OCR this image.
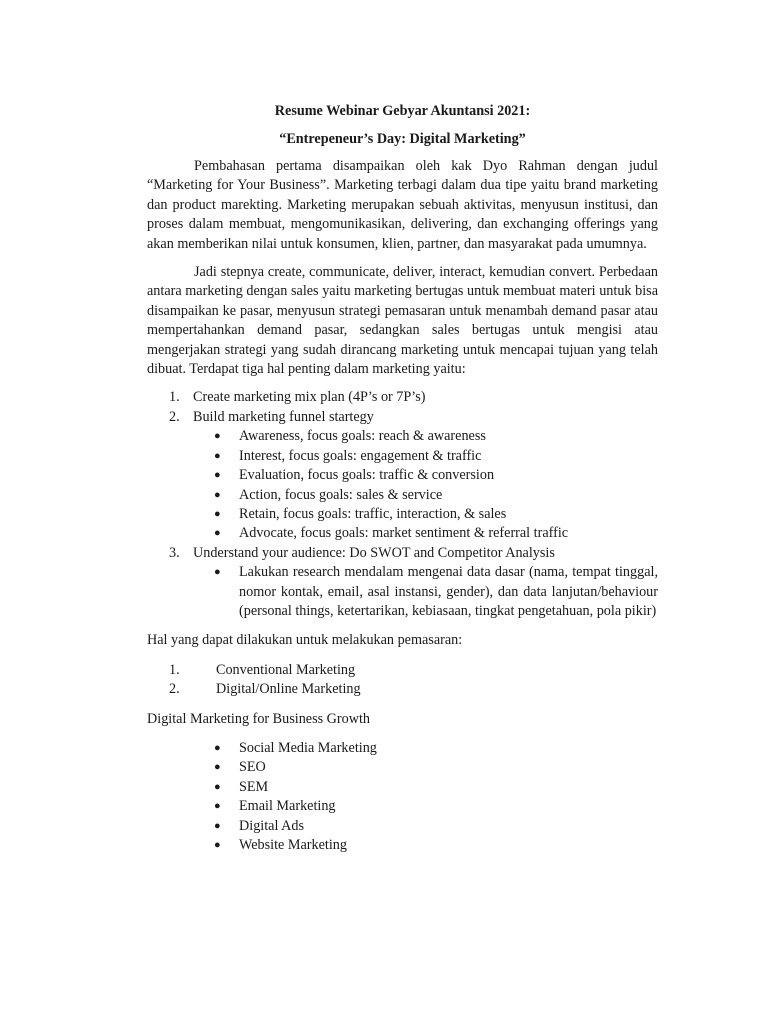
Resume Webinar Gebyar Akuntansi 2021:

“Entrepeneur’s Day: Digital Marketing”

Pembahasan pertama disampaikan oleh kak Dyo Rahman dengan judul “Marketing for Your Business”. Marketing terbagi dalam dua tipe yaitu brand marketing dan product marekting. Marketing merupakan sebuah aktivitas, menyusun institusi, dan proses dalam membuat, mengomunikasikan, delivering, dan exchanging offerings yang akan memberikan nilai untuk konsumen, klien, partner, dan masyarakat pada umumnya.

Jadi stepnya create, communicate, deliver, interact, kemudian convert. Perbedaan antara marketing dengan sales yaitu marketing bertugas untuk membuat materi untuk bisa disampaikan ke pasar, menyusun strategi pemasaran untuk menambah demand pasar atau mempertahankan demand pasar, sedangkan sales bertugas untuk mengisi atau mengerjakan strategi yang sudah dirancang marketing untuk mencapai tujuan yang telah dibuat. Terdapat tiga hal penting dalam marketing yaitu:

1. Create marketing mix plan (4P’s or 7P’s)
2. Build marketing funnel startegy
● Awareness, focus goals: reach & awareness
● Interest, focus goals: engagement & traffic
● Evaluation, focus goals: traffic & conversion
● Action, focus goals: sales & service
● Retain, focus goals: traffic, interaction, & sales
● Advocate, focus goals: market sentiment & referral traffic
3. Understand your audience: Do SWOT and Competitor Analysis
● Lakukan research mendalam mengenai data dasar (nama, tempat tinggal, nomor kontak, email, asal instansi, gender), dan data lanjutan/behaviour (personal things, ketertarikan, kebiasaan, tingkat pengetahuan, pola pikir)

Hal yang dapat dilakukan untuk melakukan pemasaran:

1.	Conventional Marketing
2.	Digital/Online Marketing

Digital Marketing for Business Growth

● Social Media Marketing
● SEO
● SEM
● Email Marketing
● Digital Ads
● Website Marketing
